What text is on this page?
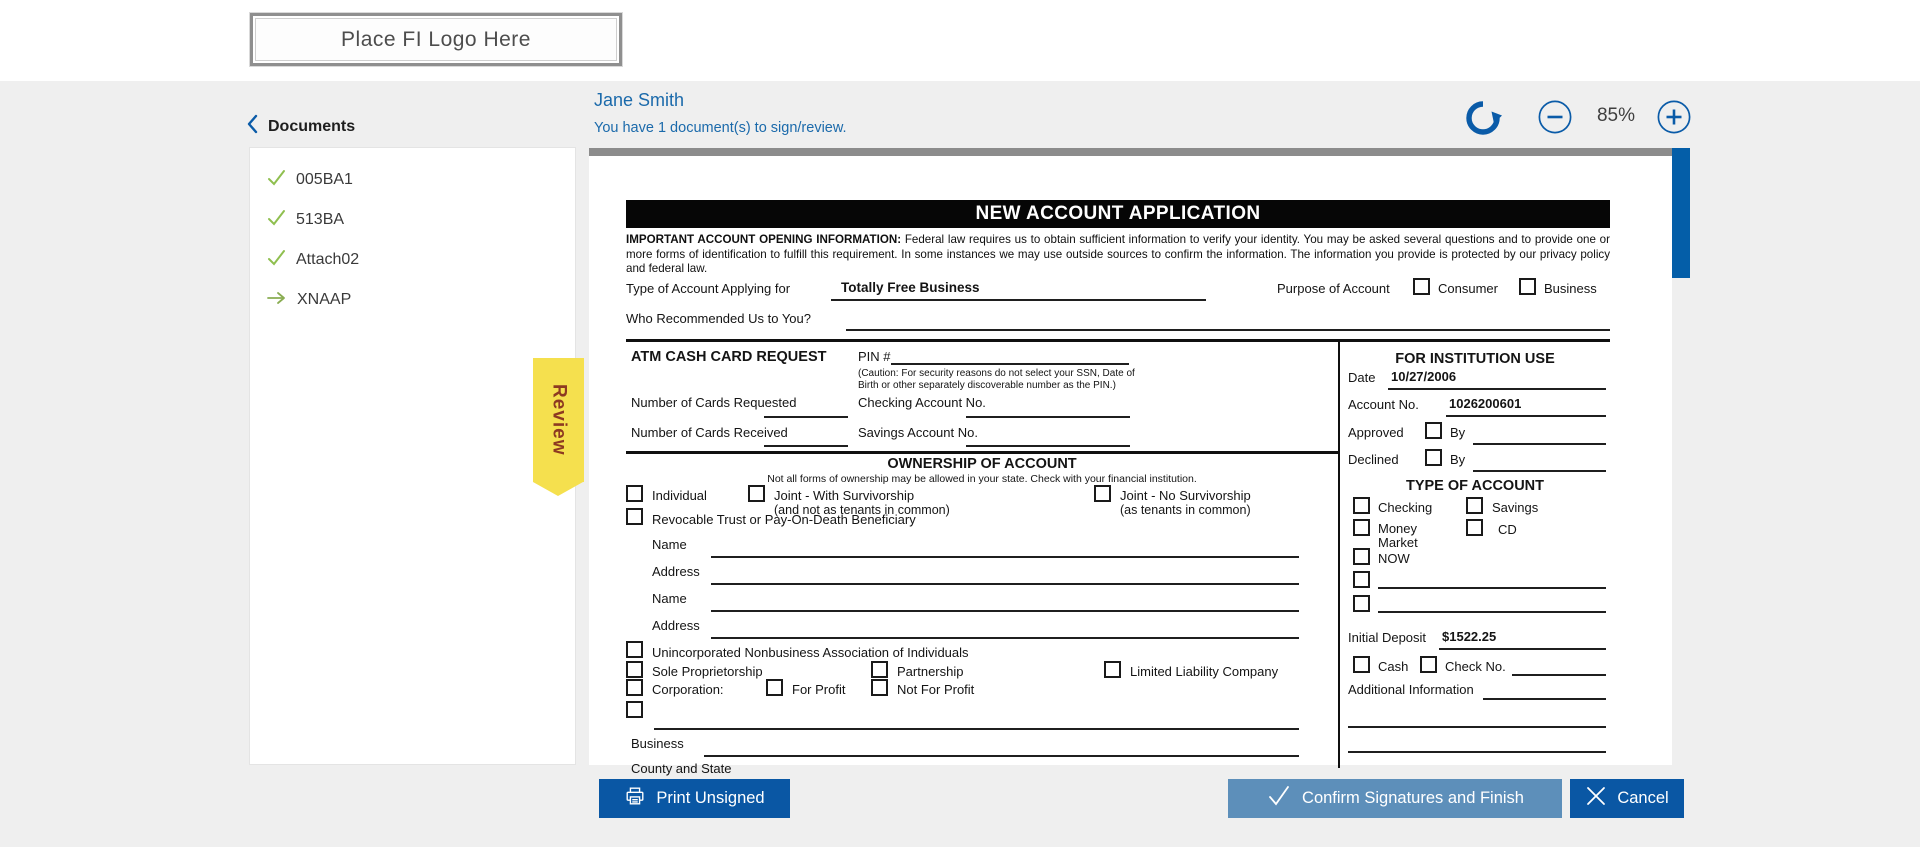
Place FI Logo Here
Documents
005BA1
513BA
Attach02
XNAAP
Jane Smith
You have 1 document(s) to sign/review.
85%
NEW ACCOUNT APPLICATION
IMPORTANT ACCOUNT OPENING INFORMATION: Federal law requires us to obtain sufficient information to verify your identity. You may be asked several questions and to provide one or more forms of identification to fulfill this requirement. In some instances we may use outside sources to confirm the information. The information you provide is protected by our privacy policy and federal law.
Type of Account Applying for	Totally Free Business	Purpose of Account	Consumer	Business
Who Recommended Us to You?
ATM CASH CARD REQUEST PIN #
(Caution: For security reasons do not select your SSN, Date of Birth or other separately discoverable number as the PIN.)
Number of Cards Requested	Checking Account No.
Number of Cards Received	Savings Account No.
OWNERSHIP OF ACCOUNT
Not all forms of ownership may be allowed in your state. Check with your financial institution.
Individual	Joint - With Survivorship
(and not as tenants in common)
Joint - No Survivorship
(as tenants in common)
Revocable Trust or Pay-On-Death Beneficiary
Name
Address
Name
Address
Unincorporated Nonbusiness Association of Individuals
Sole Proprietorship	Partnership	Limited Liability Company
Corporation:	For Profit	Not For Profit
Business
County and State
FOR INSTITUTION USE
Date 10/27/2006
Account No. 1026200601
Approved	By
Declined	By
TYPE OF ACCOUNT
Checking	Savings
Money Market
CD
NOW
Initial Deposit $1522.25
Cash	Check No.
Additional Information
Review
Print Unsigned	Confirm Signatures and Finish	Cancel
